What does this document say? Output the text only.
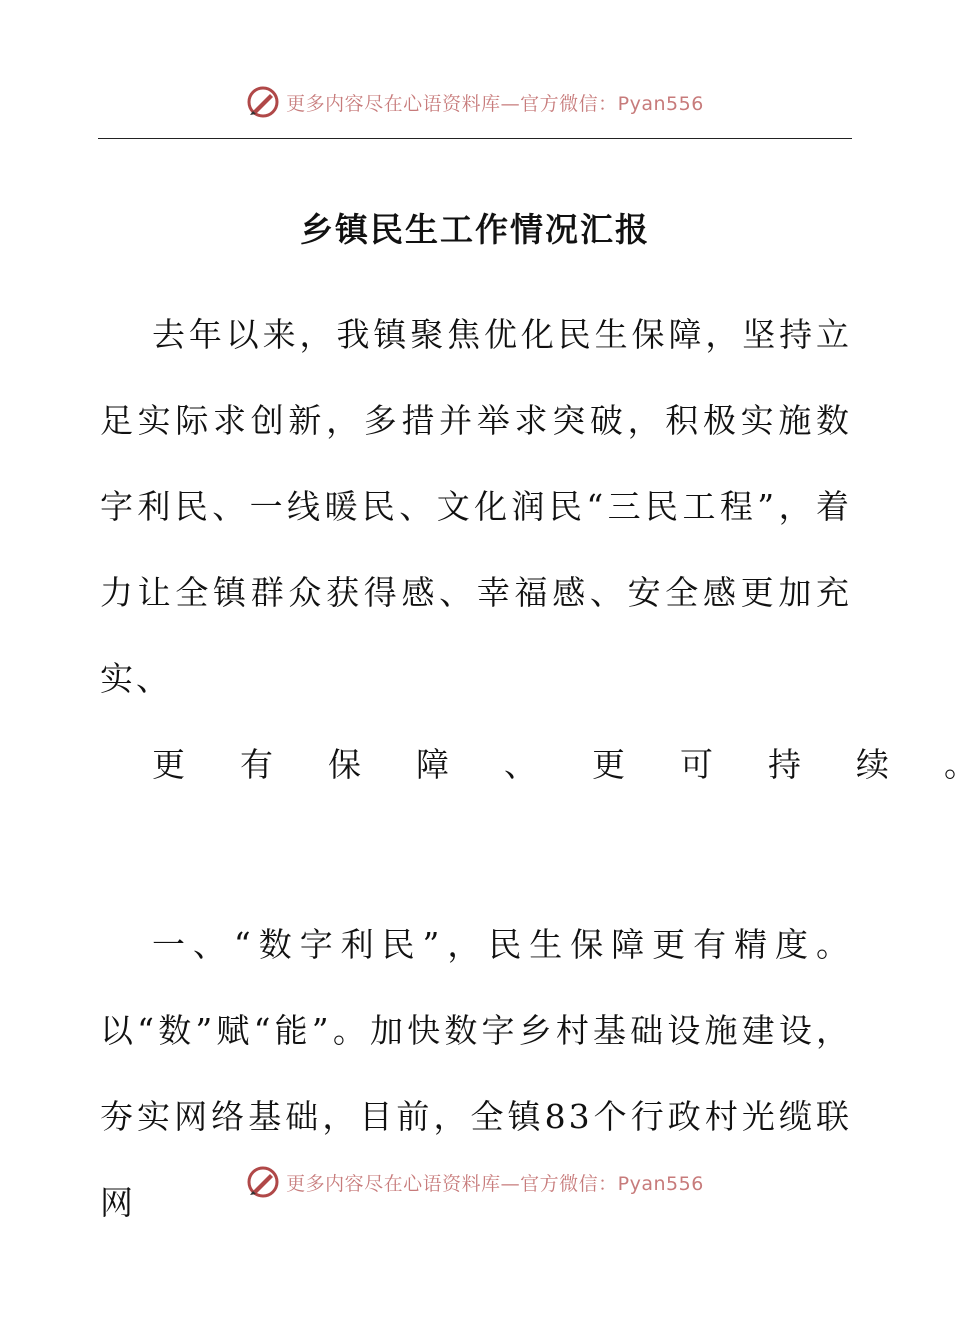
更多内容尽在心语资料库—官方微信：Pyan556
乡镇民生工作情况汇报
去年以来，我镇聚焦优化民生保障，坚持立足实际求创新，多措并举求突破，积极实施数字利民、一线暖民、文化润民“三民工程”，着力让全镇群众获得感、幸福感、安全感更加充实、
更	有	保	障	、	更	可	持	续	。

一、“数字利民”，民生保障更有精度。以“数”赋“能”。加快数字乡村基础设施建设，夯实网络基础，目前，全镇83个行政村光缆联网	更多内容尽在心语资料库—官方微信：Pyan556
